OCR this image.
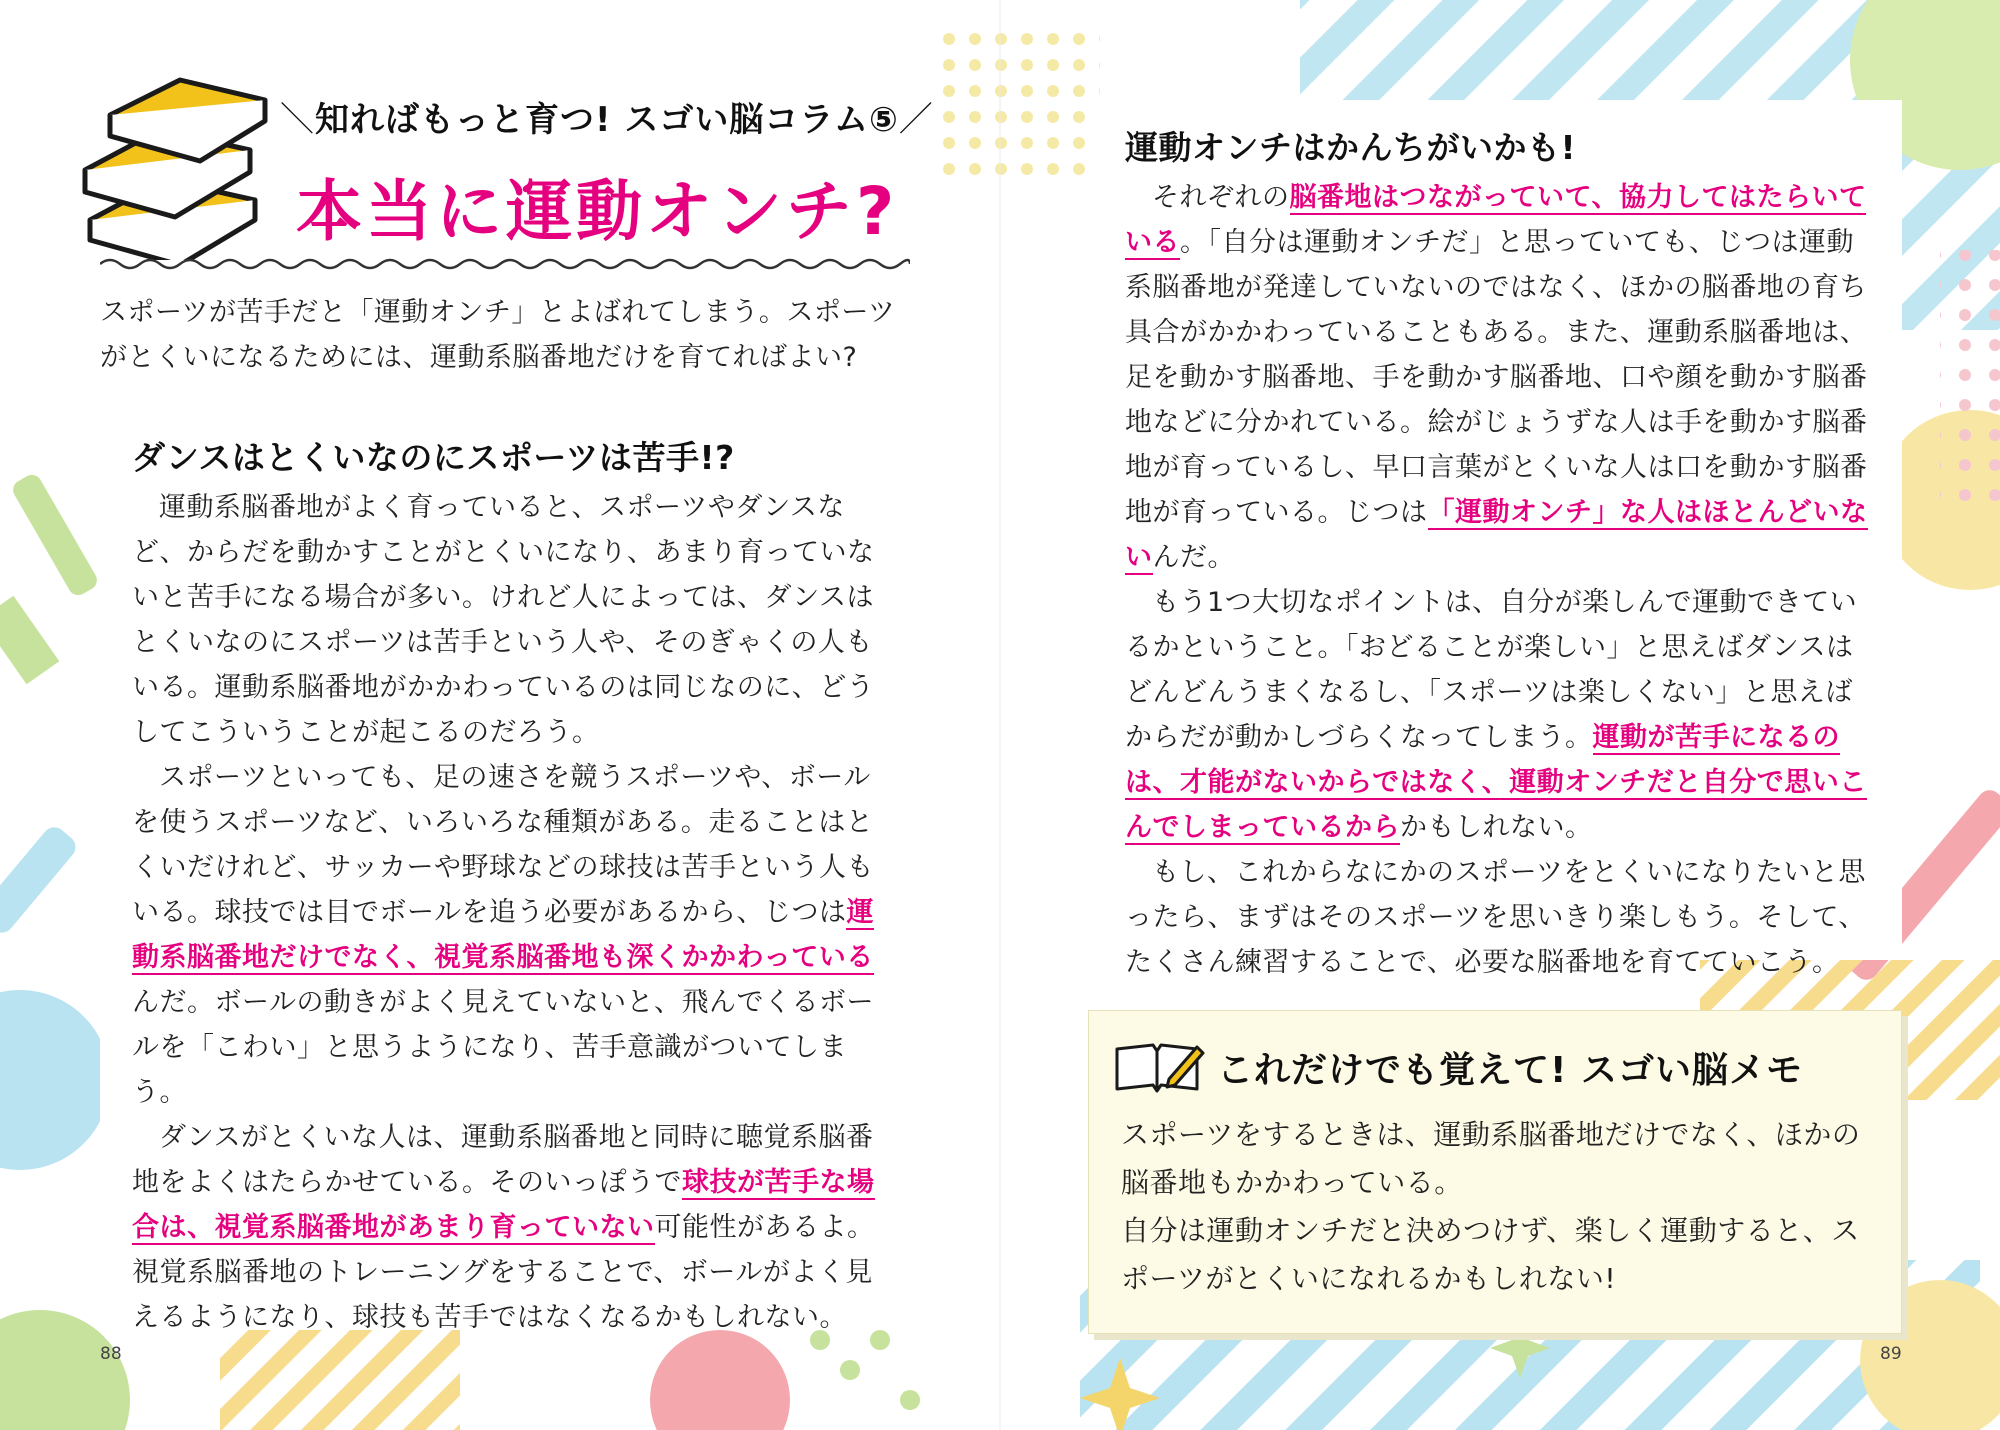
＼知ればもっと育つ! スゴい脳コラム⑤／
本当に運動オンチ?
スポーツが苦手だと「運動オンチ」とよばれてしまう。スポーツがとくいになるためには、運動系脳番地だけを育てればよい?
ダンスはとくいなのにスポーツは苦手!?

運動系脳番地がよく育っていると、スポーツやダンスなど、からだを動かすことがとくいになり、あまり育っていないと苦手になる場合が多い。けれど人によっては、ダンスはとくいなのにスポーツは苦手という人や、そのぎゃくの人もいる。運動系脳番地がかかわっているのは同じなのに、どうしてこういうことが起こるのだろう。

スポーツといっても、足の速さを競うスポーツや、ボールを使うスポーツなど、いろいろな種類がある。走ることはとくいだけれど、サッカーや野球などの球技は苦手という人もいる。球技では目でボールを追う必要があるから、じつは運動系脳番地だけでなく、視覚系脳番地も深くかかわっているんだ。ボールの動きがよく見えていないと、飛んでくるボールを「こわい」と思うようになり、苦手意識がついてしまう。

ダンスがとくいな人は、運動系脳番地と同時に聴覚系脳番地をよくはたらかせている。そのいっぽうで球技が苦手な場合は、視覚系脳番地があまり育っていない可能性があるよ。視覚系脳番地のトレーニングをすることで、ボールがよく見えるようになり、球技も苦手ではなくなるかもしれない。

88
運動オンチはかんちがいかも!

それぞれの脳番地はつながっていて、協力してはたらいている。「自分は運動オンチだ」と思っていても、じつは運動系脳番地が発達していないのではなく、ほかの脳番地の育ち具合がかかわっていることもある。また、運動系脳番地は、足を動かす脳番地、手を動かす脳番地、口や顔を動かす脳番地などに分かれている。絵がじょうずな人は手を動かす脳番地が育っているし、早口言葉がとくいな人は口を動かす脳番地が育っている。じつは「運動オンチ」な人はほとんどいないんだ。

もう1つ大切なポイントは、自分が楽しんで運動できているかということ。「おどることが楽しい」と思えばダンスはどんどんうまくなるし、「スポーツは楽しくない」と思えばからだが動かしづらくなってしまう。運動が苦手になるのは、才能がないからではなく、運動オンチだと自分で思いこんでしまっているからかもしれない。

もし、これからなにかのスポーツをとくいになりたいと思ったら、まずはそのスポーツを思いきり楽しもう。そして、たくさん練習することで、必要な脳番地を育てていこう。

これだけでも覚えて! スゴい脳メモ
スポーツをするときは、運動系脳番地だけでなく、ほかの脳番地もかかわっている。
自分は運動オンチだと決めつけず、楽しく運動すると、スポーツがとくいになれるかもしれない!
89
